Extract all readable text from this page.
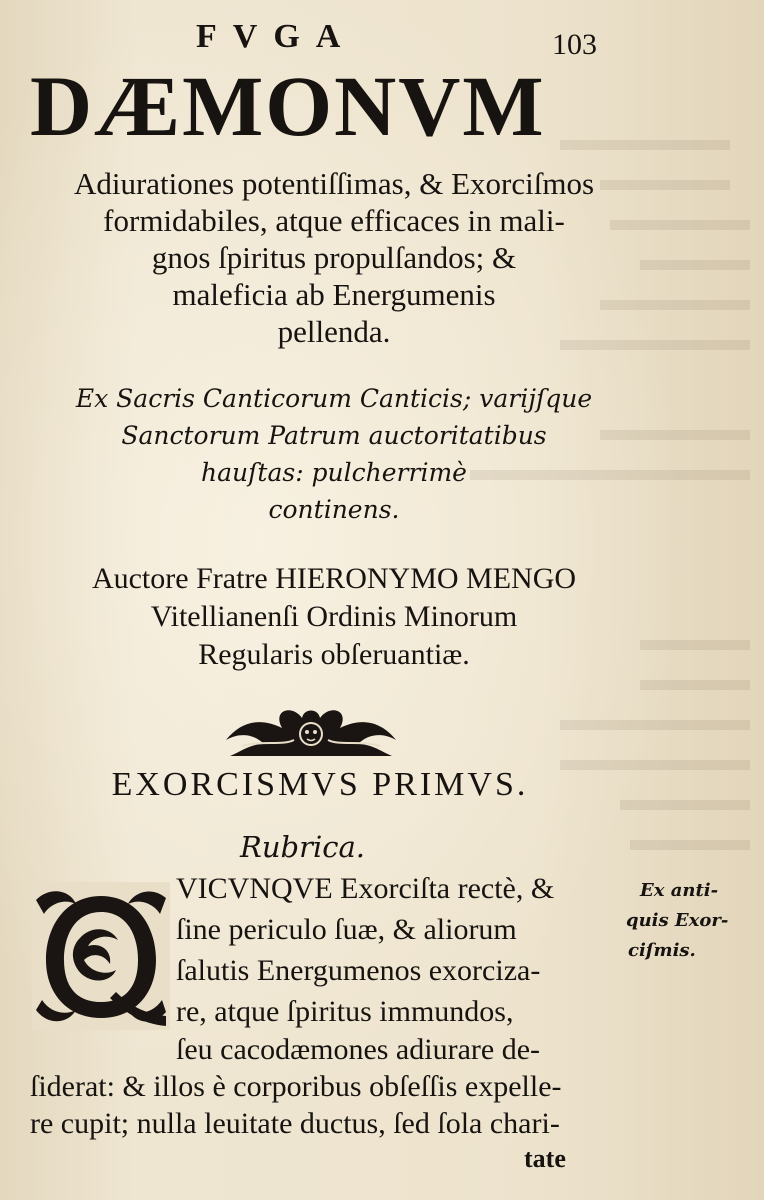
FVGA	103
DÆMONVM
Adiurationes potentiſſimas, & Exorciſmos
formidabiles, atque efficaces in mali-
gnos ſpiritus propulſandos; &
maleficia ab Energumenis
pellenda.
Ex Sacris Canticorum Canticis; varijſque
Sanctorum Patrum auctoritatibus
hauſtas: pulcherrimè
continens.
Auctore Fratre HIERONYMO MENGO
Vitellianenſi Ordinis Minorum
Regularis obſeruantiæ.
EXORCISMVS PRIMVS.
Rubrica.
VICVNQVE Exorciſta rectè, &
ſine periculo ſuæ, & aliorum
ſalutis Energumenos exorciza-
re, atque ſpiritus immundos,
ſeu cacodæmones adiurare de-
ſiderat: & illos è corporibus obſeſſis expelle-
re cupit; nulla leuitate ductus, ſed ſola chari-
tate
Ex anti-
quis Exor-
ciſmis.
